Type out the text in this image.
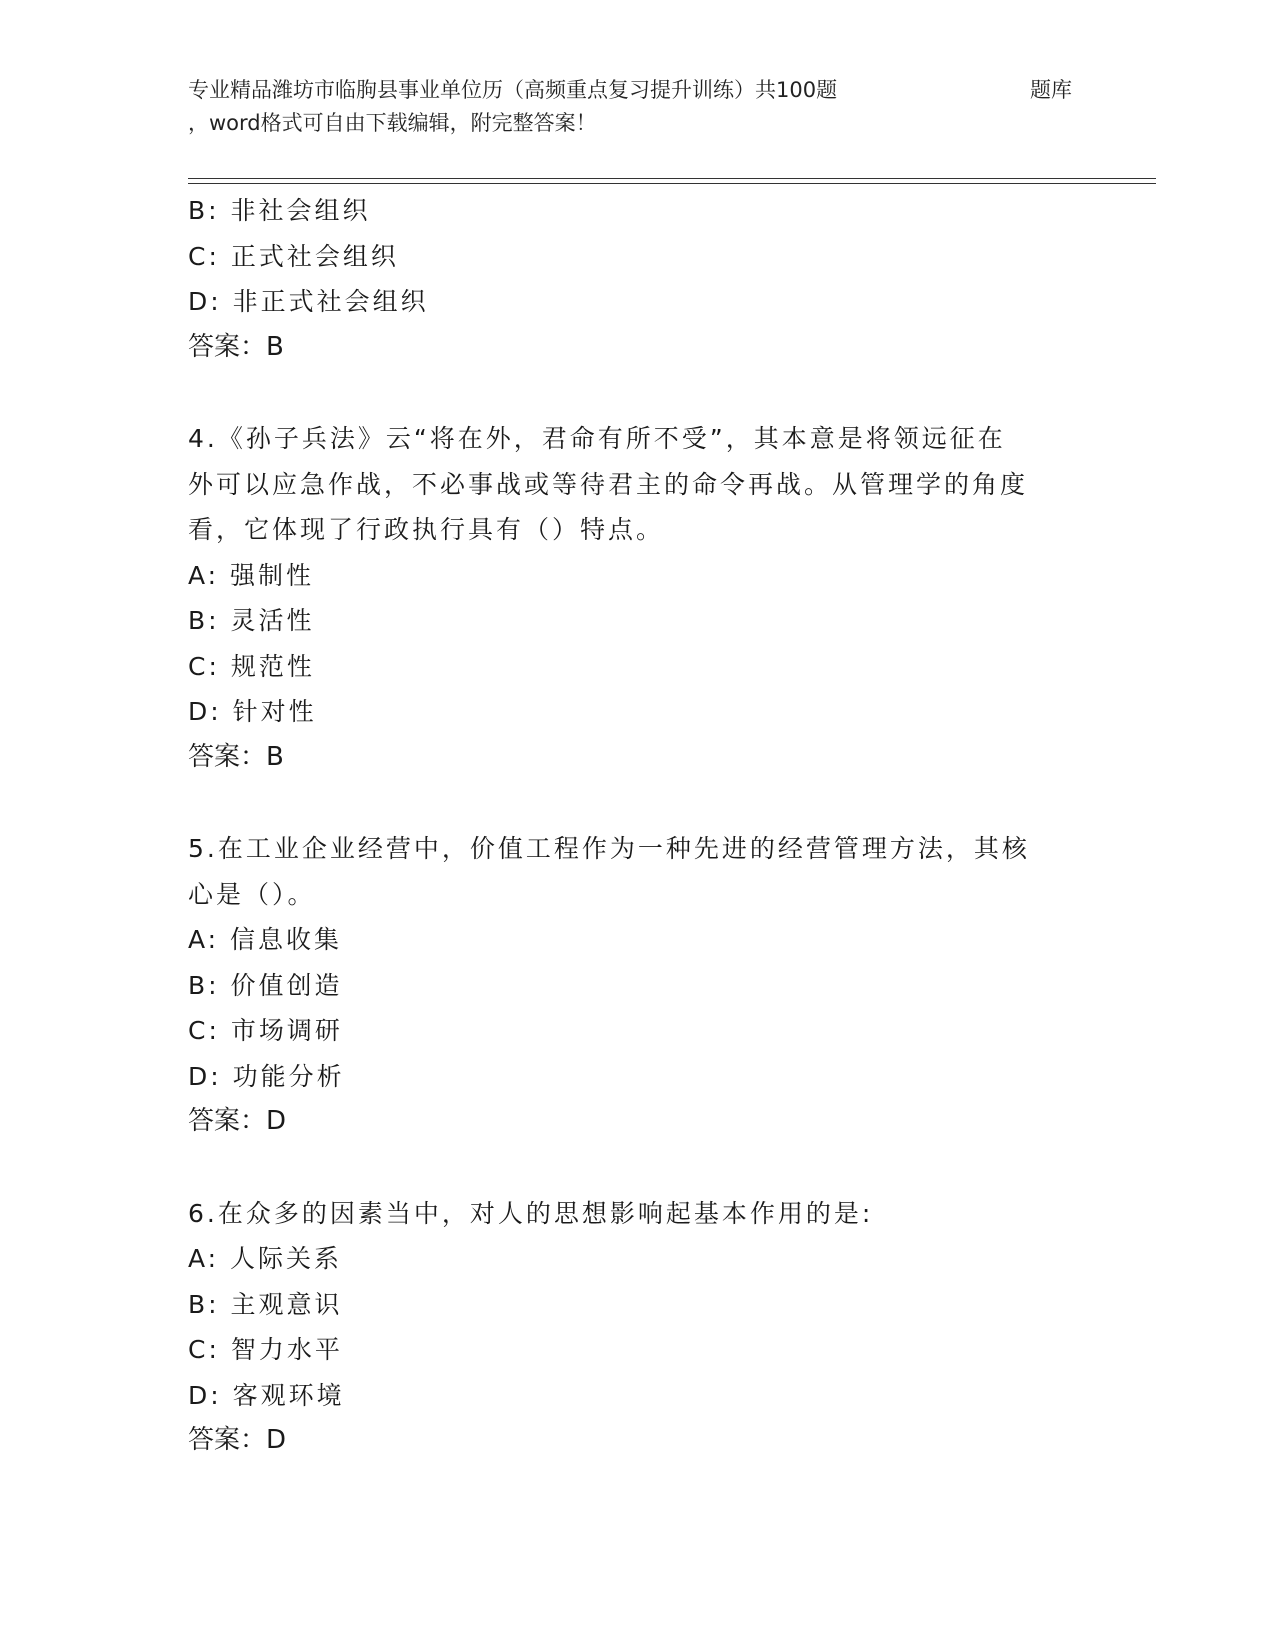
专业精品潍坊市临朐县事业单位历（高频重点复习提升训练）共100题	题库
，word格式可自由下载编辑，附完整答案！
B: 非社会组织
C: 正式社会组织
D: 非正式社会组织
答案：B
4.《孙子兵法》云“将在外，君命有所不受”，其本意是将领远征在
外可以应急作战，不必事战或等待君主的命令再战。从管理学的角度
看，它体现了行政执行具有（）特点。
A: 强制性
B: 灵活性
C: 规范性
D: 针对性
答案：B
5.在工业企业经营中，价值工程作为一种先进的经营管理方法，其核
心是（）。
A: 信息收集
B: 价值创造
C: 市场调研
D: 功能分析
答案：D
6.在众多的因素当中，对人的思想影响起基本作用的是:
A: 人际关系
B: 主观意识
C: 智力水平
D: 客观环境
答案：D
